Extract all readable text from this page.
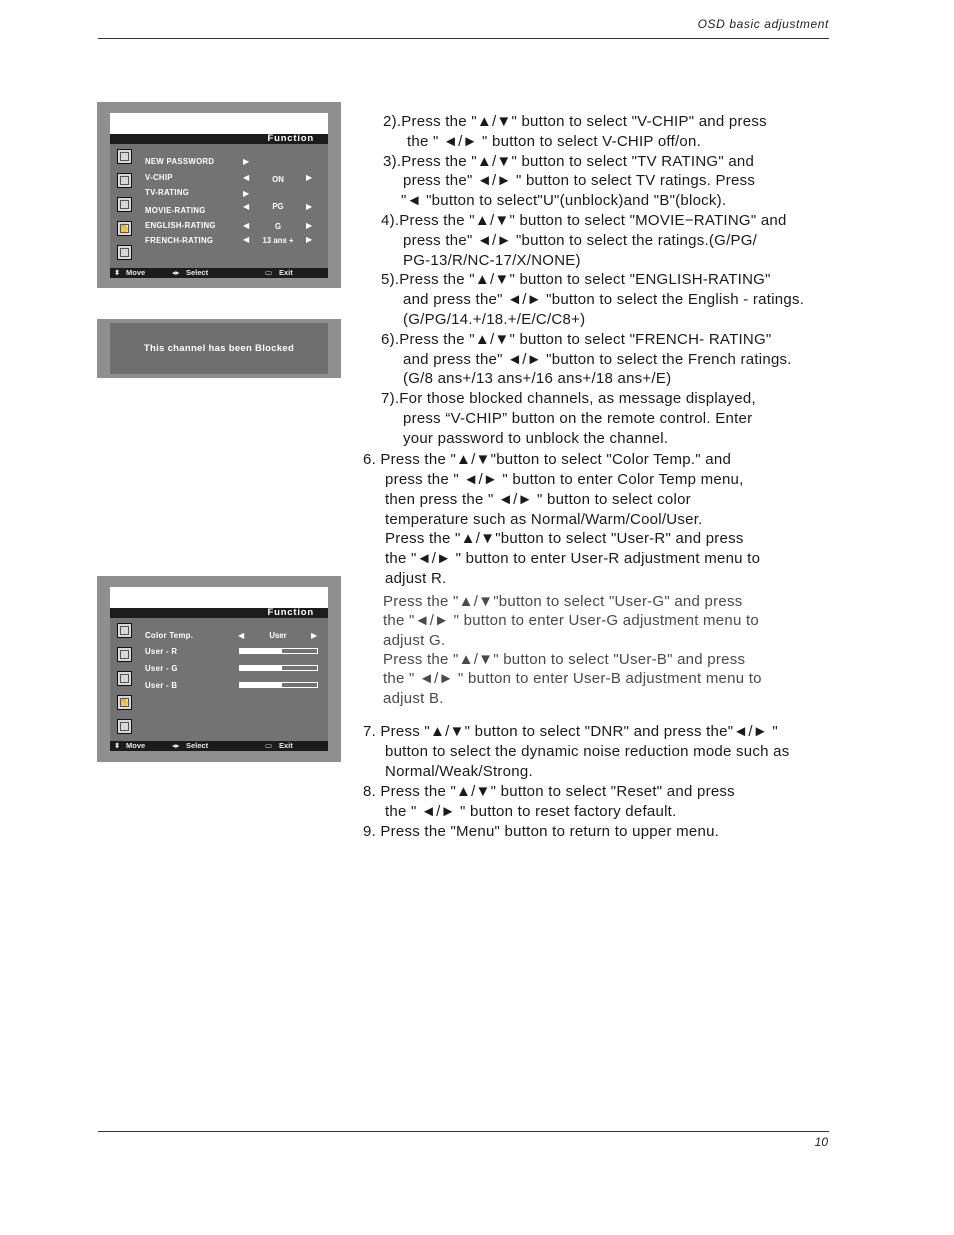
OSD basic adjustment
Function
✋
NEW PASSWORD	▶
V-CHIP	◀	ON	▶
TV-RATING	▶
MOVIE-RATING	◀	PG	▶
ENGLISH-RATING	◀	G	▶
FRENCH-RATING	◀	13 ans +	▶
⬍ Move	◂▸ Select	▭ Exit
This channel has been Blocked
Function
✋
Color Temp.	◀	User	▶
User - R
User - G
User - B
⬍ Move	◂▸ Select	▭ Exit
2).Press the "▲/▼" button to select "V-CHIP" and press
the " ◄/► " button to select V-CHIP off/on.
3).Press the "▲/▼" button to select "TV RATING" and
press the" ◄/► " button to select TV ratings. Press
"◄ "button to select"U"(unblock)and "B"(block).
4).Press the "▲/▼" button to select "MOVIE−RATING" and
press the" ◄/► "button to select the ratings.(G/PG/
PG-13/R/NC-17/X/NONE)
5).Press the "▲/▼" button to select "ENGLISH-RATING"
and press the" ◄/► "button to select the English - ratings.
(G/PG/14.+/18.+/E/C/C8+)
6).Press the "▲/▼" button to select "FRENCH- RATING"
and press the" ◄/► "button to select the French ratings.
(G/8 ans+/13 ans+/16 ans+/18 ans+/E)
7).For those blocked channels, as message displayed,
press “V-CHIP” button on the remote control. Enter
your password to unblock the channel.
6. Press the "▲/▼"button to select "Color Temp." and
press the " ◄/► " button to enter Color Temp menu,
then press the " ◄/► " button to select color
temperature such as Normal/Warm/Cool/User.
Press the "▲/▼"button to select "User-R" and press
the "◄/► " button to enter User-R adjustment menu to
adjust R.
Press the "▲/▼"button to select "User-G" and press
the "◄/► " button to enter User-G adjustment menu to
adjust G.
Press the "▲/▼" button to select "User-B" and press
the " ◄/► " button to enter User-B adjustment menu to
adjust B.
7. Press "▲/▼" button to select "DNR" and press the"◄/► "
button to select the dynamic noise reduction mode such as
Normal/Weak/Strong.
8. Press the "▲/▼" button to select "Reset" and press
the " ◄/► " button to reset factory default.
9. Press the "Menu" button to return to upper menu.
10
